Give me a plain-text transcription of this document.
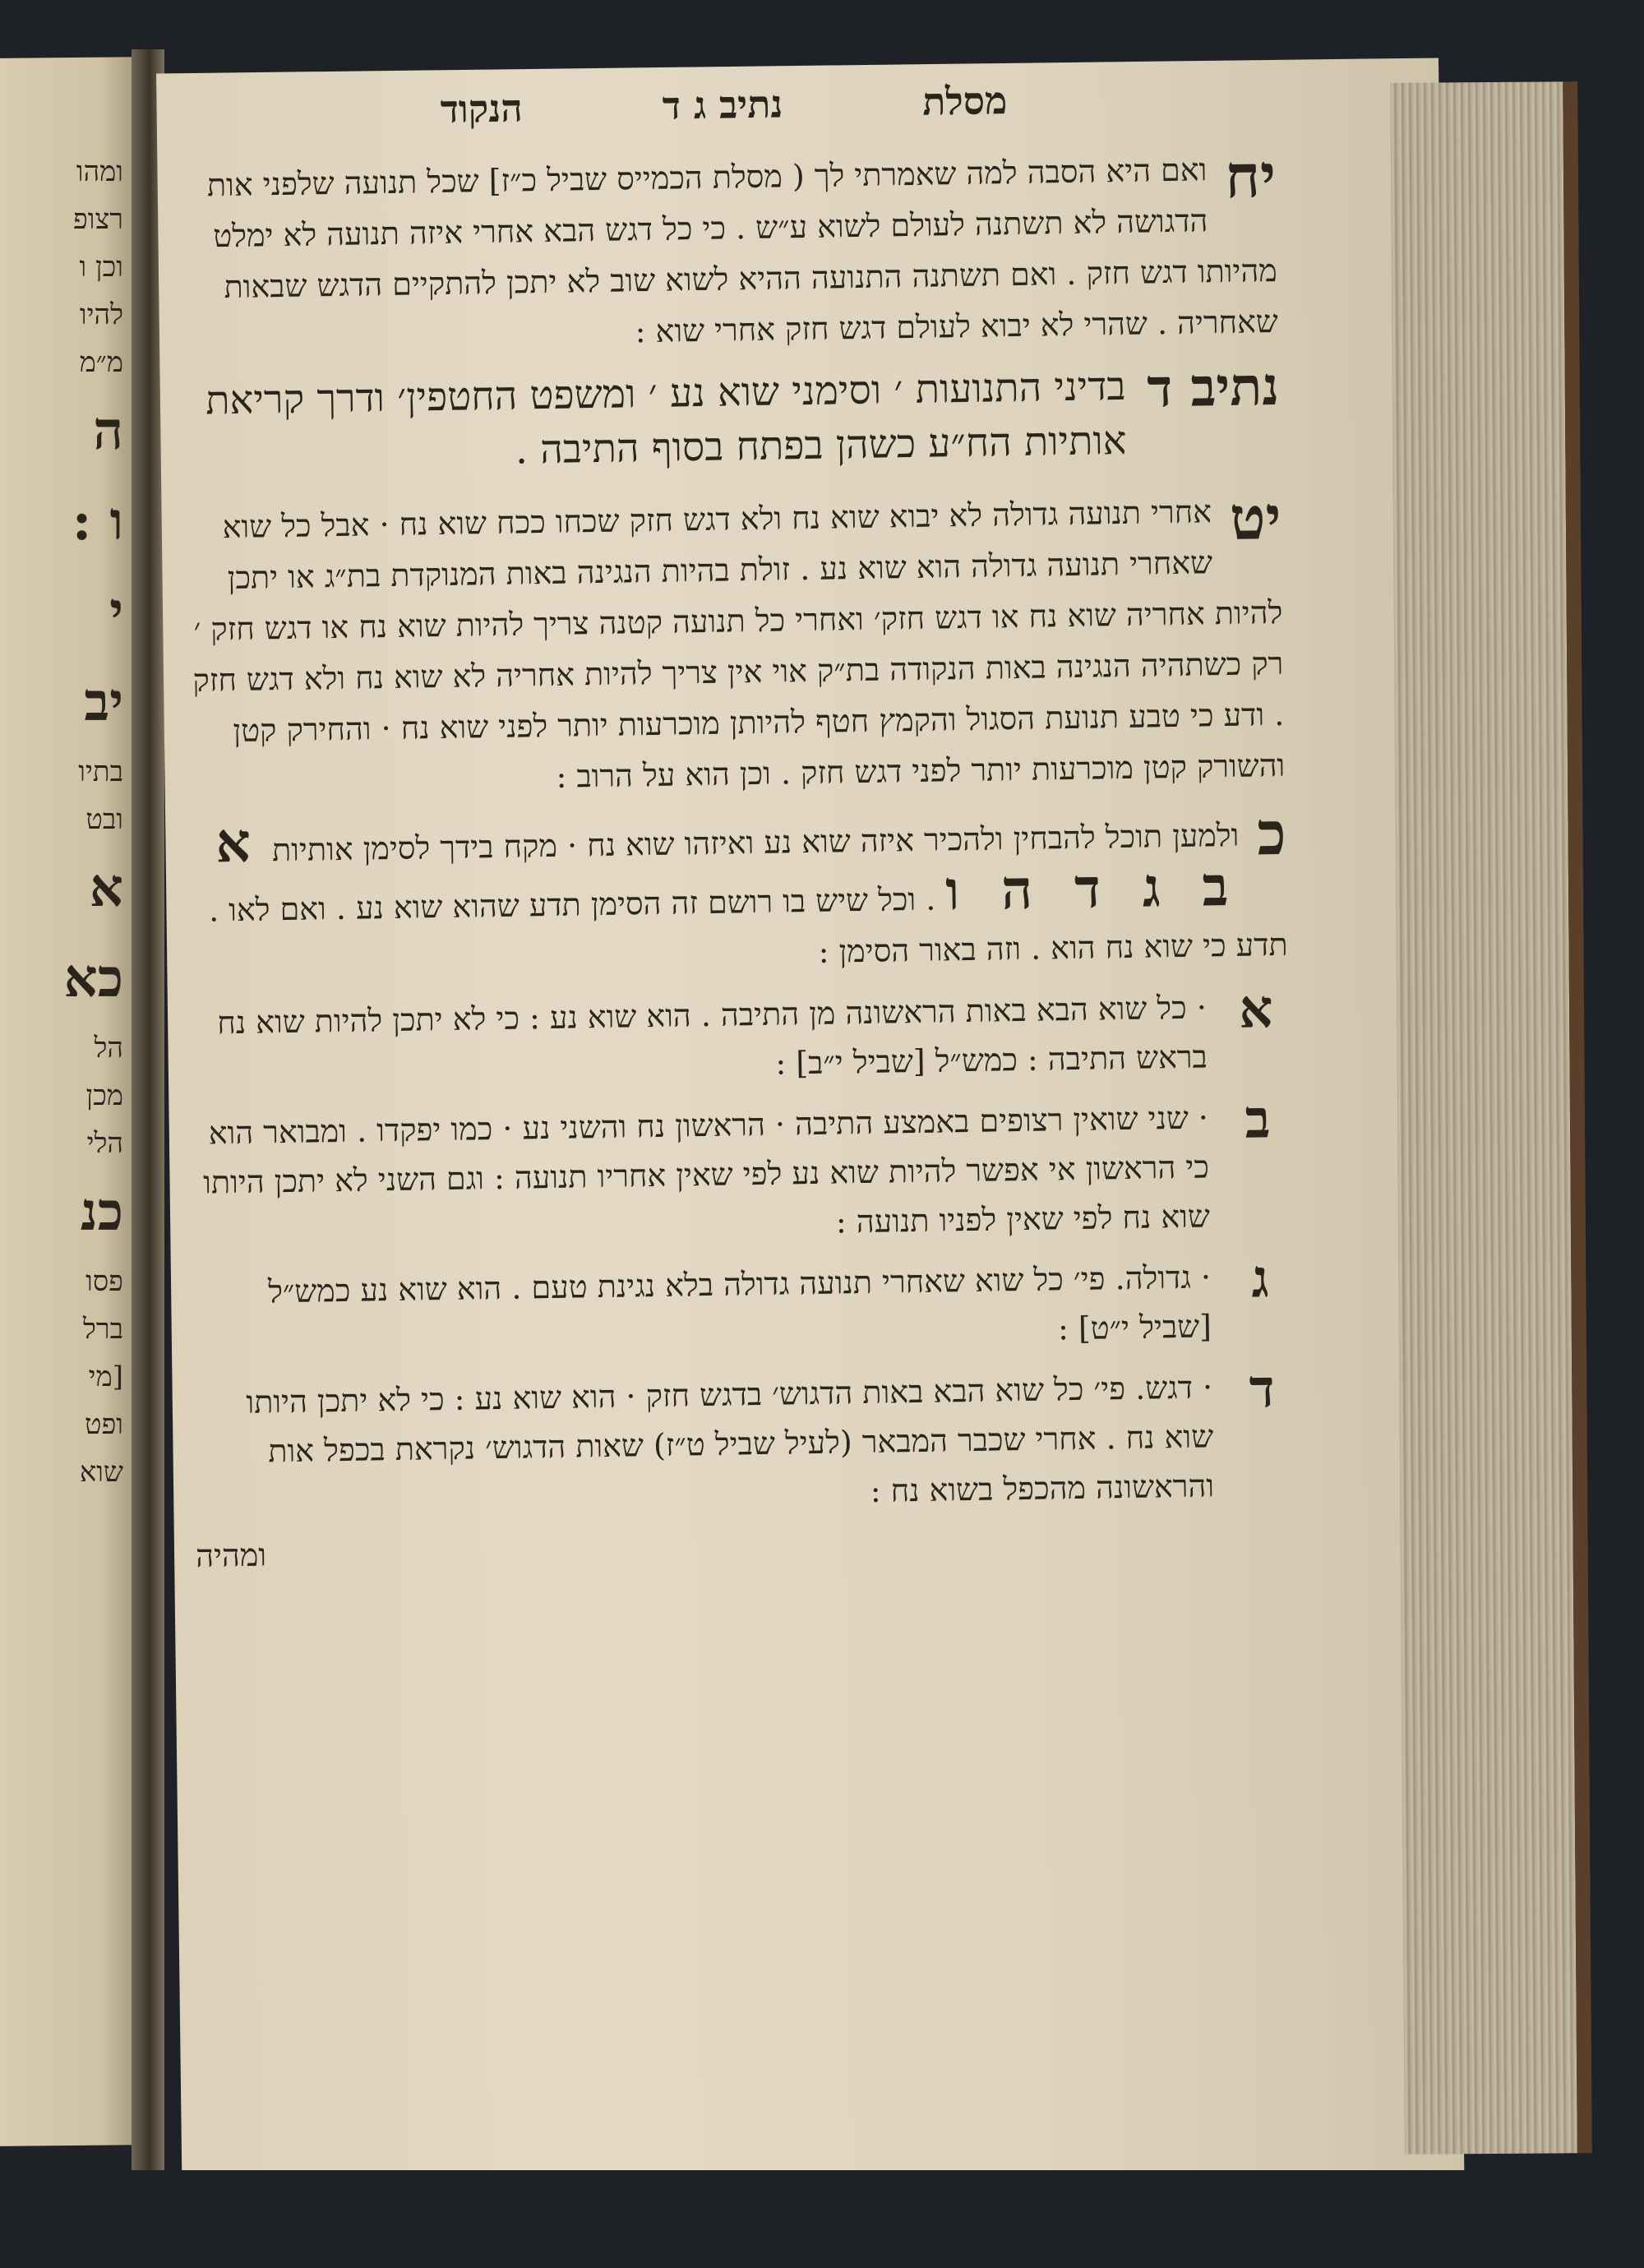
ומהו
רצופ
וכן ו
להיו
מ״מ
ה
ו :
י
יב
בתיו
ובט
א
כא
הל
מכן
הלי
כנ
פסו
ברל
[מי
ופט
שוא
מסלת
נתיב ג ד
הנקוד
יח
ואם היא הסבה למה שאמרתי לך ( מסלת הכמייס שביל כ״ז] שכל תנועה שלפני אות הדגושה לא תשתנה לעולם לשוא ע״ש . כי כל דגש הבא אחרי איזה תנועה לא ימלט מהיותו דגש חזק . ואם תשתנה התנועה ההיא לשוא שוב לא יתכן להתקיים הדגש שבאות שאחריה . שהרי לא יבוא לעולם דגש חזק אחרי שוא :
נתיב ד
בדיני התנועות ׳ וסימני שוא נע ׳ ומשפט החטפין׳ ודרך קריאת אותיות הח״ע כשהן בפתח בסוף התיבה .
יט
אחרי תנועה גדולה לא יבוא שוא נח ולא דגש חזק שכחו ככח שוא נח · אבל כל שוא שאחרי תנועה גדולה הוא שוא נע . זולת בהיות הנגינה באות המנוקדת בת״ג או יתכן להיות אחריה שוא נח או דגש חזק׳ ואחרי כל תנועה קטנה צריך להיות שוא נח או דגש חזק ׳ רק כשתהיה הנגינה באות הנקודה בת״ק אוי אין צריך להיות אחריה לא שוא נח ולא דגש חזק . ודע כי טבע תנועת הסגול והקמץ חטף להיותן מוכרעות יותר לפני שוא נח · והחירק קטן והשורק קטן מוכרעות יותר לפני דגש חזק . וכן הוא על הרוב :
כ
ולמען תוכל להבחין ולהכיר איזה שוא נע ואיזהו שוא נח · מקח בידך לסימן אותיות א ב ג ד ה ו . וכל שיש בו רושם זה הסימן תדע שהוא שוא נע . ואם לאו . תדע כי שוא נח הוא . וזה באור הסימן :
א
· כל שוא הבא באות הראשונה מן התיבה . הוא שוא נע : כי לא יתכן להיות שוא נח בראש התיבה : כמש״ל [שביל י״ב] :
ב
· שני שואין רצופים באמצע התיבה · הראשון נח והשני נע · כמו יפקדו . ומבואר הוא כי הראשון אי אפשר להיות שוא נע לפי שאין אחריו תנועה : וגם השני לא יתכן היותו שוא נח לפי שאין לפניו תנועה :
ג
· גדולה. פי׳ כל שוא שאחרי תנועה גדולה בלא נגינת טעם . הוא שוא נע כמש״ל [שביל י״ט] :
ד
· דגש. פי׳ כל שוא הבא באות הדגוש׳ בדגש חזק · הוא שוא נע : כי לא יתכן היותו שוא נח . אחרי שכבר המבאר (לעיל שביל ט״ז) שאות הדגוש׳ נקראת בכפל אות והראשונה מהכפל בשוא נח :
ומהיה
